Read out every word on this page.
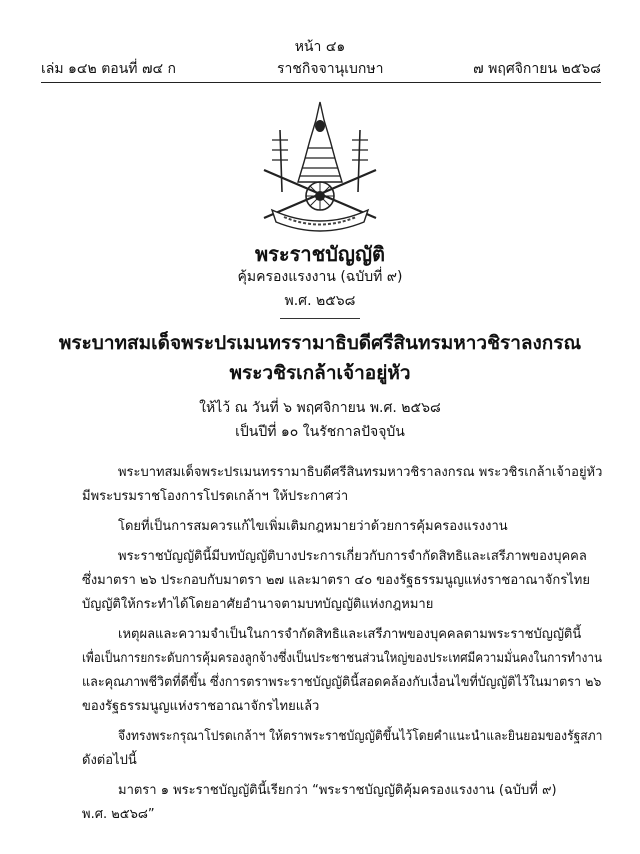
หน้า ๔๑
เล่ม ๑๔๒ ตอนที่ ๗๔ ก	ราชกิจจานุเบกษา	๗ พฤศจิกายน ๒๕๖๘
พระราชบัญญัติ
คุ้มครองแรงงาน (ฉบับที่ ๙)
พ.ศ. ๒๕๖๘
พระบาทสมเด็จพระปรเมนทรรามาธิบดีศรีสินทรมหาวชิราลงกรณ
พระวชิรเกล้าเจ้าอยู่หัว
ให้ไว้ ณ วันที่ ๖ พฤศจิกายน พ.ศ. ๒๕๖๘
เป็นปีที่ ๑๐ ในรัชกาลปัจจุบัน
พระบาทสมเด็จพระปรเมนทรรามาธิบดีศรีสินทรมหาวชิราลงกรณ พระวชิรเกล้าเจ้าอยู่หัว
มีพระบรมราชโองการโปรดเกล้าฯ ให้ประกาศว่า
โดยที่เป็นการสมควรแก้ไขเพิ่มเติมกฎหมายว่าด้วยการคุ้มครองแรงงาน
พระราชบัญญัตินี้มีบทบัญญัติบางประการเกี่ยวกับการจำกัดสิทธิและเสรีภาพของบุคคล
ซึ่งมาตรา ๒๖ ประกอบกับมาตรา ๒๗ และมาตรา ๔๐ ของรัฐธรรมนูญแห่งราชอาณาจักรไทย
บัญญัติให้กระทำได้โดยอาศัยอำนาจตามบทบัญญัติแห่งกฎหมาย
เหตุผลและความจำเป็นในการจำกัดสิทธิและเสรีภาพของบุคคลตามพระราชบัญญัตินี้
เพื่อเป็นการยกระดับการคุ้มครองลูกจ้างซึ่งเป็นประชาชนส่วนใหญ่ของประเทศมีความมั่นคงในการทำงาน
และคุณภาพชีวิตที่ดีขึ้น ซึ่งการตราพระราชบัญญัตินี้สอดคล้องกับเงื่อนไขที่บัญญัติไว้ในมาตรา ๒๖
ของรัฐธรรมนูญแห่งราชอาณาจักรไทยแล้ว
จึงทรงพระกรุณาโปรดเกล้าฯ ให้ตราพระราชบัญญัติขึ้นไว้โดยคำแนะนำและยินยอมของรัฐสภา
ดังต่อไปนี้
มาตรา ๑ พระราชบัญญัตินี้เรียกว่า “พระราชบัญญัติคุ้มครองแรงงาน (ฉบับที่ ๙)
พ.ศ. ๒๕๖๘”
